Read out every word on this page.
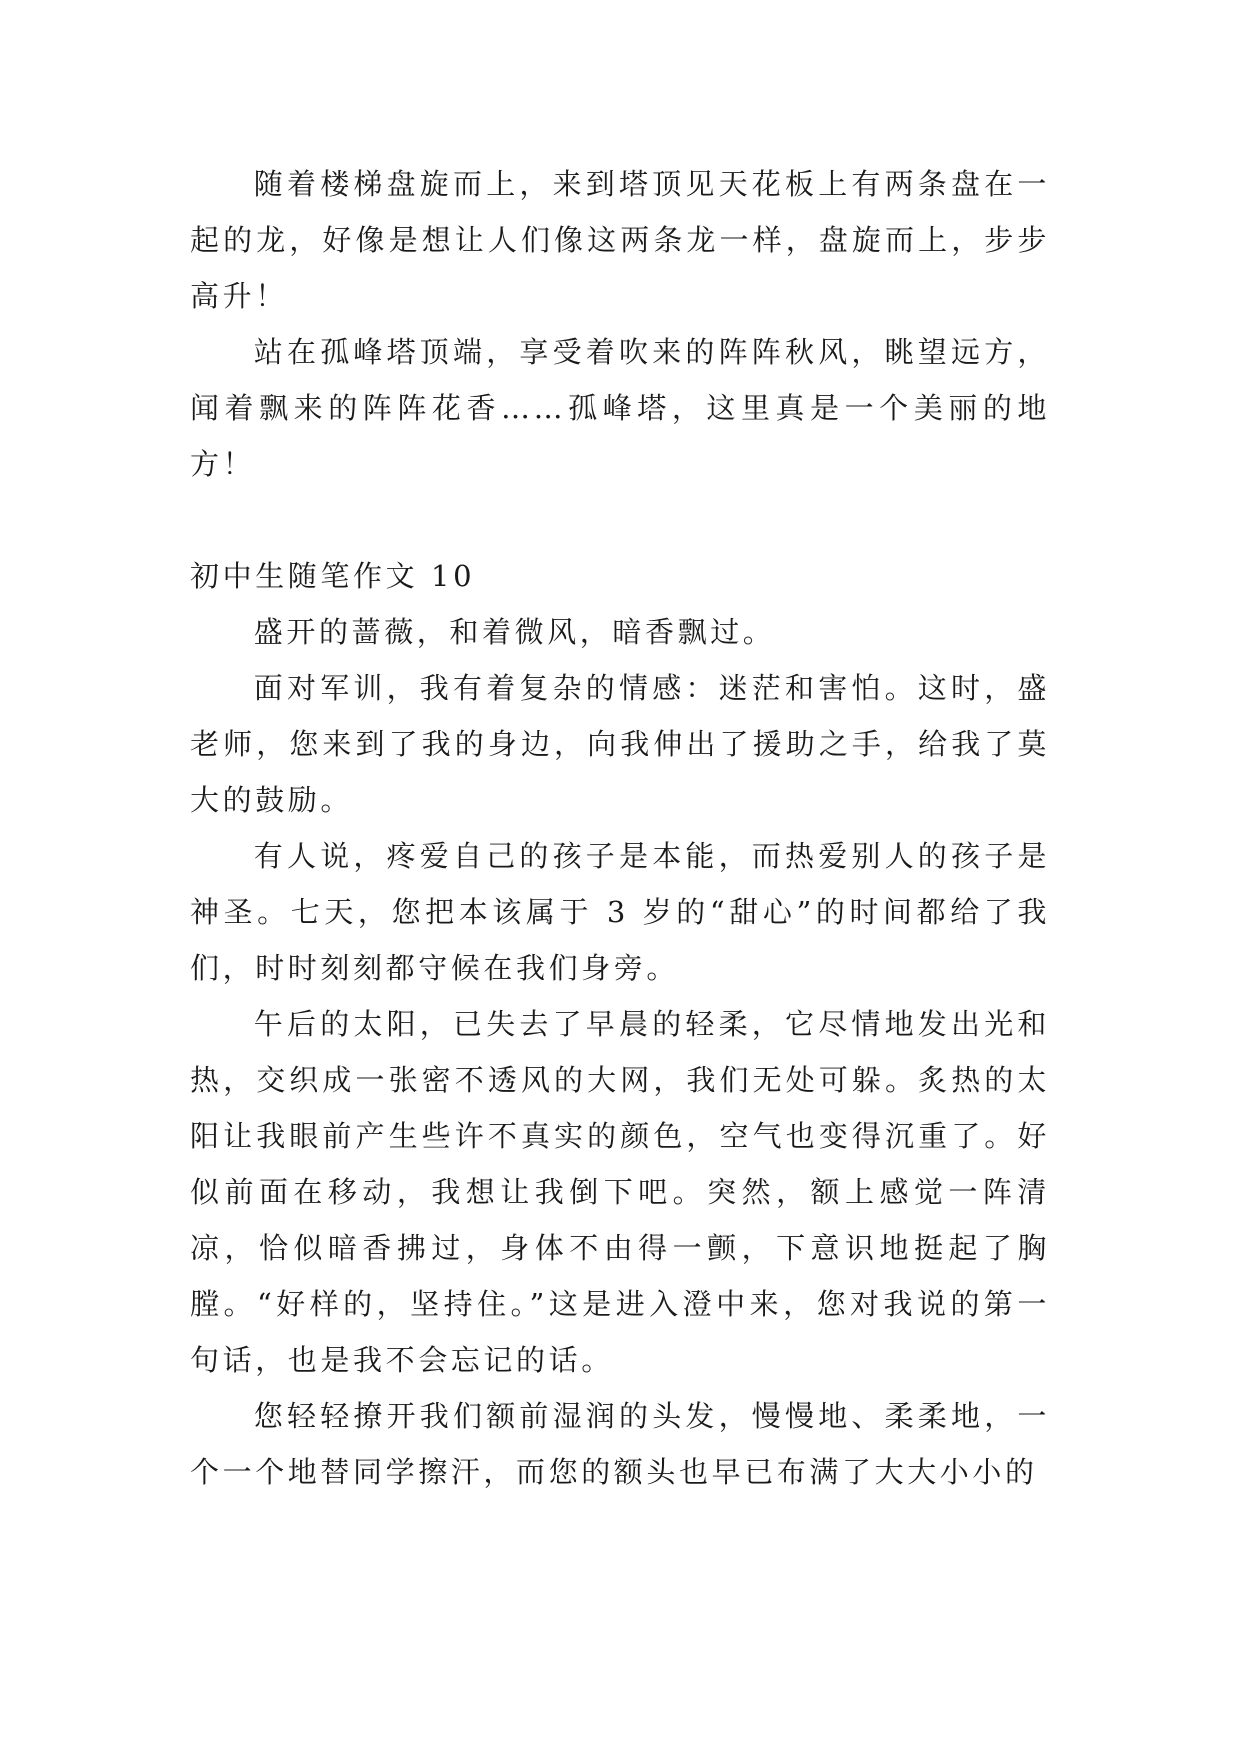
随着楼梯盘旋而上，来到塔顶见天花板上有两条盘在一起的龙，好像是想让人们像这两条龙一样，盘旋而上，步步高升！

站在孤峰塔顶端，享受着吹来的阵阵秋风，眺望远方，闻着飘来的阵阵花香……孤峰塔，这里真是一个美丽的地方！

初中生随笔作文 10

盛开的蔷薇，和着微风，暗香飘过。

面对军训，我有着复杂的情感：迷茫和害怕。这时，盛老师，您来到了我的身边，向我伸出了援助之手，给我了莫大的鼓励。

有人说，疼爱自己的孩子是本能，而热爱别人的孩子是神圣。七天，您把本该属于 3 岁的“甜心”的时间都给了我们，时时刻刻都守候在我们身旁。

午后的太阳，已失去了早晨的轻柔，它尽情地发出光和热，交织成一张密不透风的大网，我们无处可躲。炙热的太阳让我眼前产生些许不真实的颜色，空气也变得沉重了。好似前面在移动，我想让我倒下吧。突然，额上感觉一阵清凉，恰似暗香拂过，身体不由得一颤，下意识地挺起了胸膛。“好样的，坚持住。”这是进入澄中来，您对我说的第一句话，也是我不会忘记的话。

您轻轻撩开我们额前湿润的头发，慢慢地、柔柔地，一个一个地替同学擦汗，而您的额头也早已布满了大大小小的
